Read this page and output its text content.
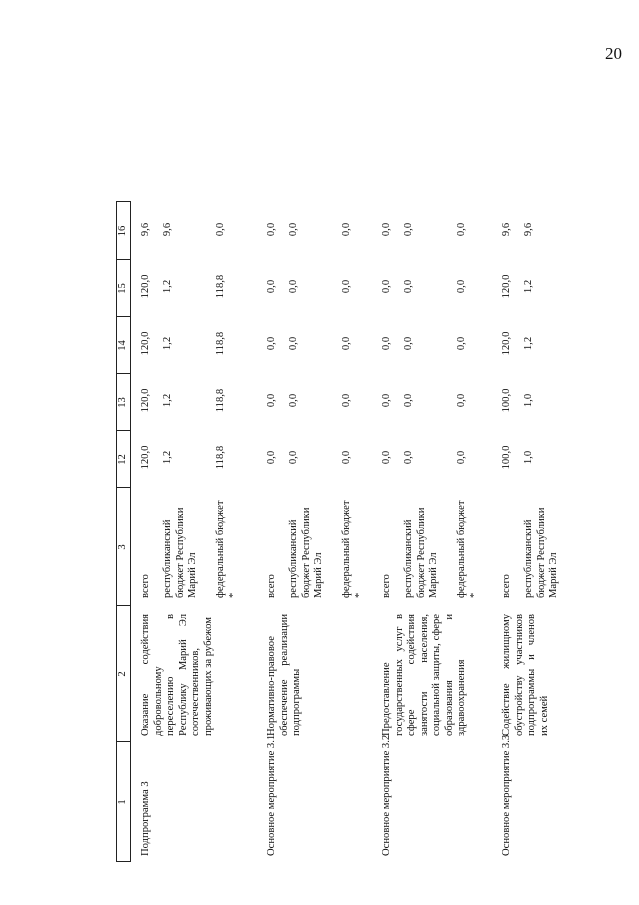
20
1
2
3
12
13
14
15
16
Подпрограмма 3
Оказание содействия добровольному переселению в Республику Марий Эл соотечественников, проживающих за рубежом
всего
120,0
120,0
120,0
120,0
9,6
республиканский бюджет Республики Марий Эл
1,2
1,2
1,2
1,2
9,6
федеральный бюджет *
118,8
118,8
118,8
118,8
0,0
Основное мероприятие 3.1
Нормативно-правовое обеспечение реализации подпрограммы
всего
0,0
0,0
0,0
0,0
0,0
республиканский бюджет Республики Марий Эл
0,0
0,0
0,0
0,0
0,0
федеральный бюджет *
0,0
0,0
0,0
0,0
0,0
Основное мероприятие 3.2
Предоставление государственных услуг в сфере содействия занятости населения, социальной защиты, сфере образования и здравоохранения
всего
0,0
0,0
0,0
0,0
0,0
республиканский бюджет Республики Марий Эл
0,0
0,0
0,0
0,0
0,0
федеральный бюджет *
0,0
0,0
0,0
0,0
0,0
Основное мероприятие 3.3
Содействие жилищному обустройству участников подпрограммы и членов их семей
всего
100,0
100,0
120,0
120,0
9,6
республиканский бюджет Республики Марий Эл
1,0
1,0
1,2
1,2
9,6
